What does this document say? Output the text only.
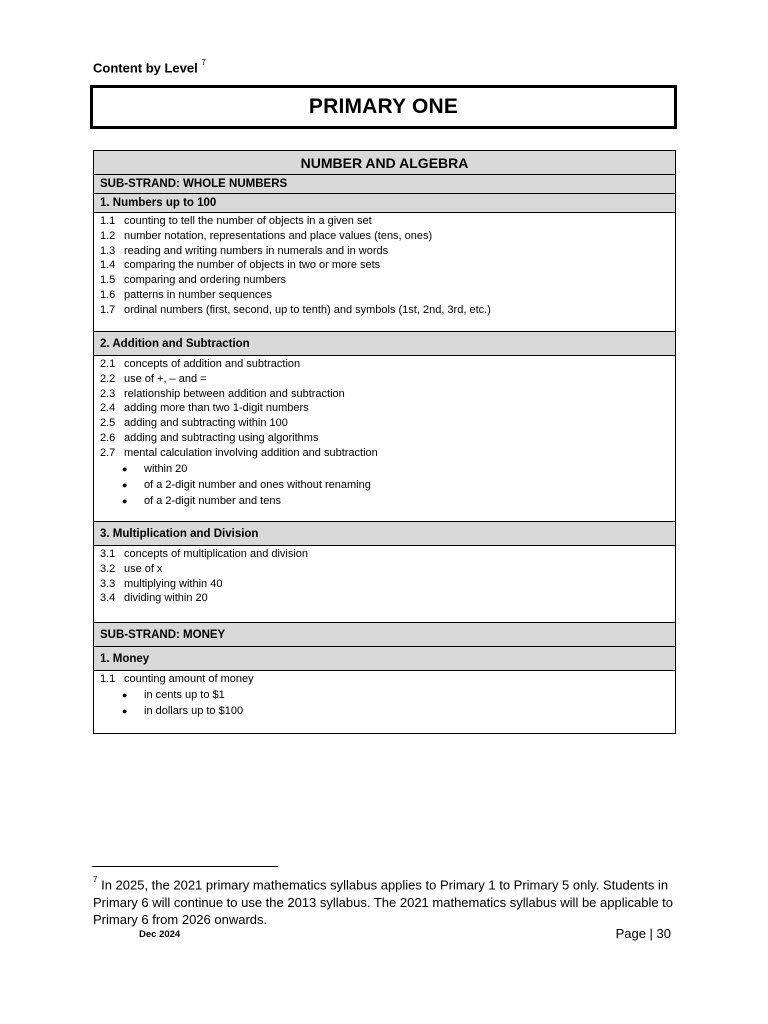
Content by Level $^7$
PRIMARY ONE
NUMBER AND ALGEBRA
SUB-STRAND: WHOLE NUMBERS
1. Numbers up to 100
1.1 counting to tell the number of objects in a given set
1.2 number notation, representations and place values (tens, ones)
1.3 reading and writing numbers in numerals and in words
1.4 comparing the number of objects in two or more sets
1.5 comparing and ordering numbers
1.6 patterns in number sequences
1.7 ordinal numbers (first, second, up to tenth) and symbols (1st, 2nd, 3rd, etc.)
2. Addition and Subtraction
2.1 concepts of addition and subtraction
2.2 use of +, – and =
2.3 relationship between addition and subtraction
2.4 adding more than two 1-digit numbers
2.5 adding and subtracting within 100
2.6 adding and subtracting using algorithms
2.7 mental calculation involving addition and subtraction
●	within 20
●	of a 2-digit number and ones without renaming
●	of a 2-digit number and tens
3. Multiplication and Division
3.1 concepts of multiplication and division
3.2 use of x
3.3 multiplying within 40
3.4 dividing within 20
SUB-STRAND: MONEY
1. Money
1.1 counting amount of money
●	in cents up to $1
●	in dollars up to $100
$^7$ In 2025, the 2021 primary mathematics syllabus applies to Primary 1 to Primary 5 only. Students in Primary 6 will continue to use the 2013 syllabus. The 2021 mathematics syllabus will be applicable to Primary 6 from 2026 onwards.
Dec 2024	Page | 30
